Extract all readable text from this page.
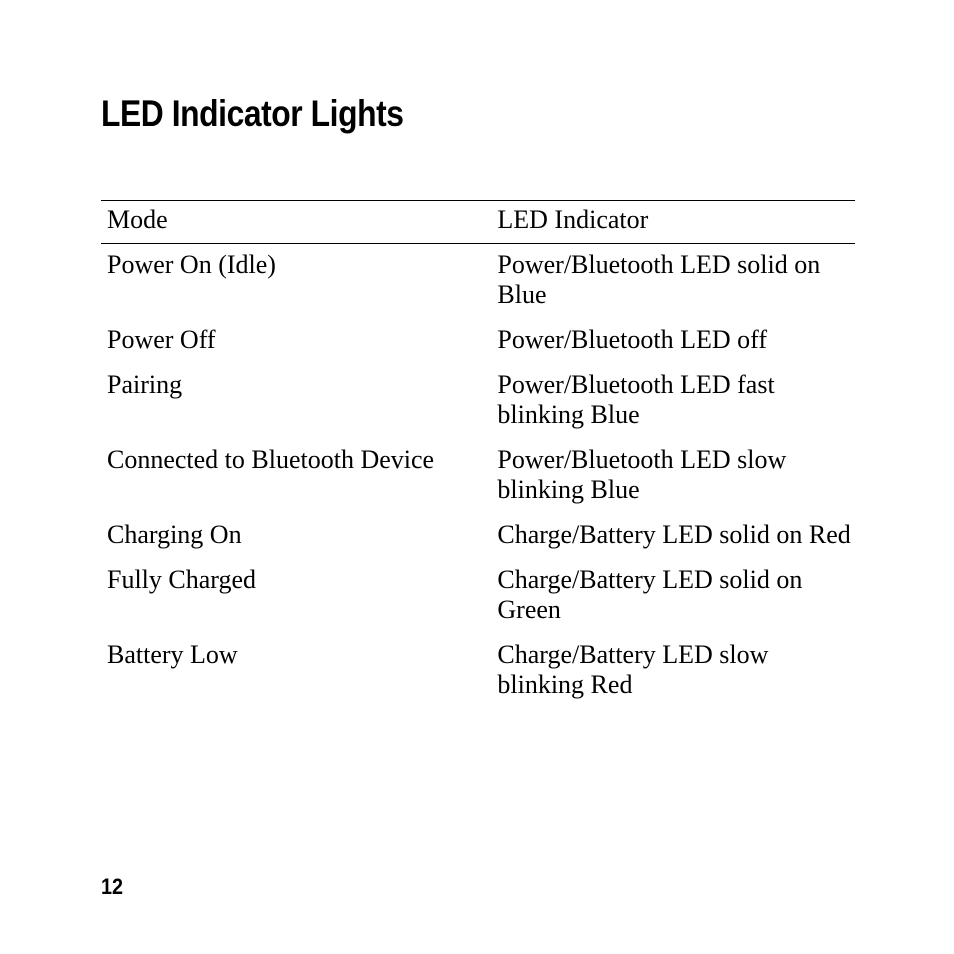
LED Indicator Lights
Mode	LED Indicator
Power On (Idle)	Power/Bluetooth LED solid on Blue
Power Off	Power/Bluetooth LED off
Pairing	Power/Bluetooth LED fast blinking Blue
Connected to Bluetooth Device	Power/Bluetooth LED slow blinking Blue
Charging On	Charge/Battery LED solid on Red
Fully Charged	Charge/Battery LED solid on Green
Battery Low	Charge/Battery LED slow blinking Red
12
